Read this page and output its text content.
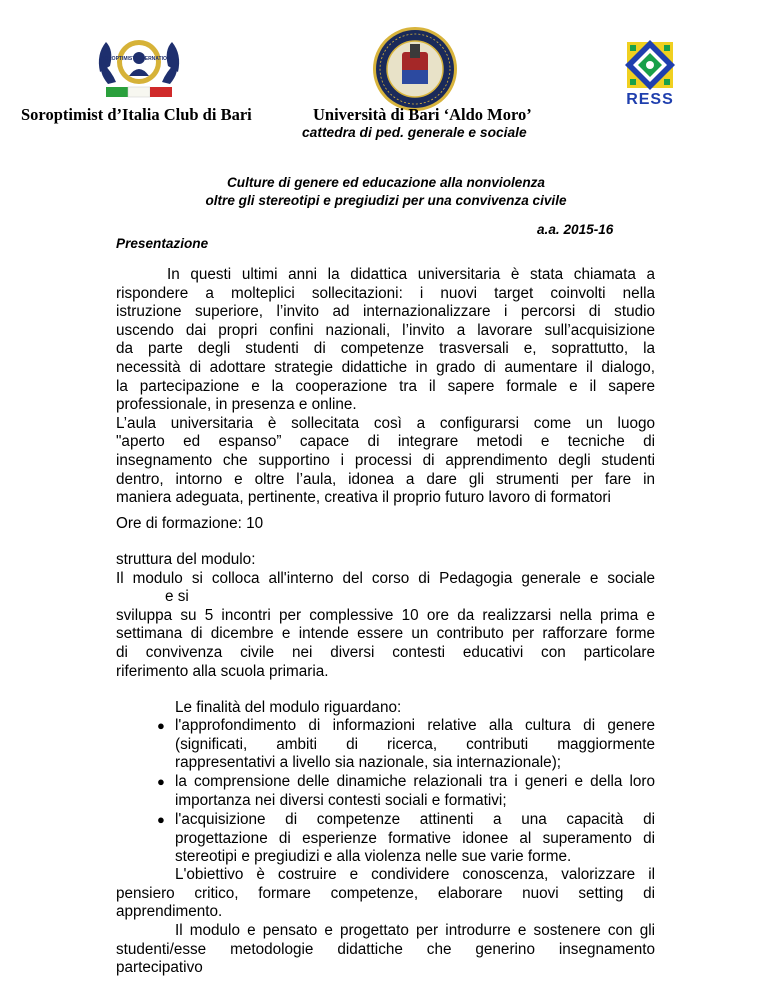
SOROPTIMIST INTERNATIONAL
RESS
Soroptimist d’Italia Club di Bari	Università di Bari ‘Aldo Moro’
cattedra di ped. generale e sociale
Culture di genere ed educazione alla nonviolenza
oltre gli stereotipi e pregiudizi per una convivenza civile
a.a. 2015-16
Presentazione
In questi ultimi anni la didattica universitaria è stata chiamata a
rispondere a molteplici sollecitazioni: i nuovi target coinvolti nella
istruzione superiore, l’invito ad internazionalizzare i percorsi di studio
uscendo dai propri confini nazionali, l’invito a lavorare sull’acquisizione
da parte degli studenti di competenze trasversali e, soprattutto, la
necessità di adottare strategie didattiche in grado di aumentare il dialogo,
la partecipazione e la cooperazione tra il sapere formale e il sapere
professionale, in presenza e online.
L’aula universitaria è sollecitata così a configurarsi come un luogo
"aperto ed espanso” capace di integrare metodi e tecniche di
insegnamento che supportino i processi di apprendimento degli studenti
dentro, intorno e oltre l’aula, idonea a dare gli strumenti per fare in
maniera adeguata, pertinente, creativa il proprio futuro lavoro di formatori
Ore di formazione: 10
struttura del modulo:
Il modulo si colloca all'interno del corso di Pedagogia generale e sociale
e si
sviluppa su 5 incontri per complessive 10 ore da realizzarsi nella prima e
settimana di dicembre e intende essere un contributo per rafforzare forme
di convivenza civile nei diversi contesti educativi con particolare
riferimento alla scuola primaria.
Le finalità del modulo riguardano:
● l'approfondimento di informazioni relative alla cultura di genere
(significati, ambiti di ricerca, contributi maggiormente
rappresentativi a livello sia nazionale, sia internazionale);
● la comprensione delle dinamiche relazionali tra i generi e della loro
importanza nei diversi contesti sociali e formativi;
● l'acquisizione di competenze attinenti a una capacità di
progettazione di esperienze formative idonee al superamento di
stereotipi e pregiudizi e alla violenza nelle sue varie forme.
L'obiettivo è costruire e condividere conoscenza, valorizzare il
pensiero critico, formare competenze, elaborare nuovi setting di
apprendimento.
Il modulo e pensato e progettato per introdurre e sostenere con gli
studenti/esse metodologie didattiche che generino insegnamento
partecipativo
